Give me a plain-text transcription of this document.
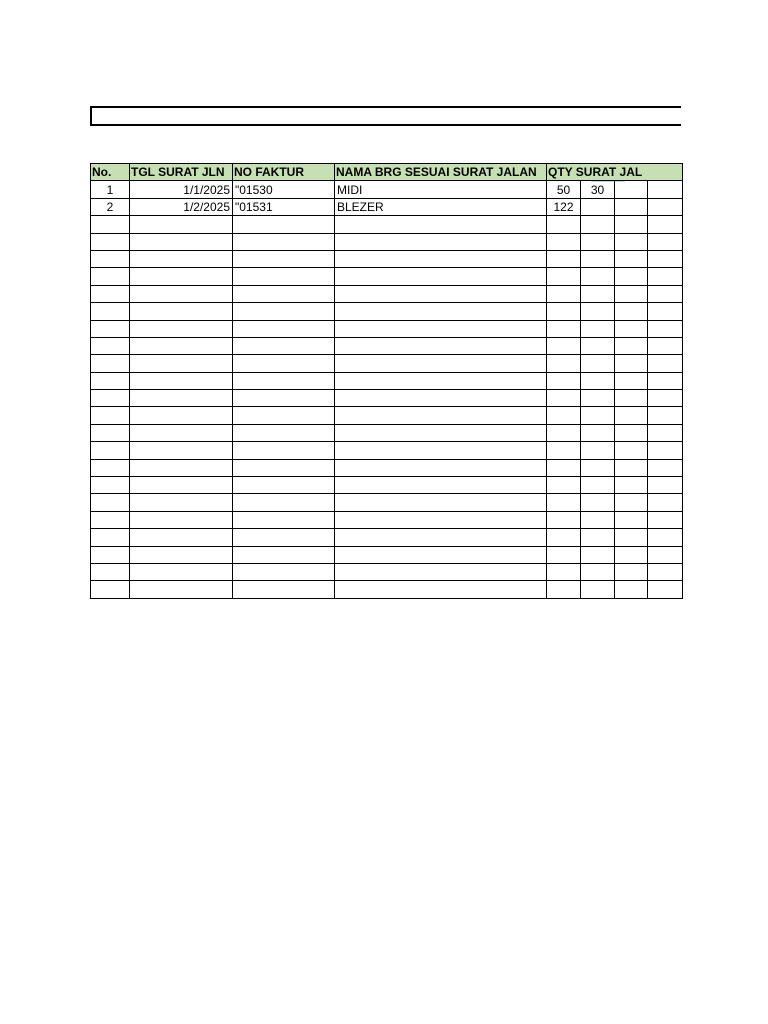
No.	TGL SURAT JLN	NO FAKTUR	NAMA BRG SESUAI SURAT JALAN	QTY SURAT JAL			
1	1/1/2025	"01530	MIDI	50	30		
2	1/2/2025	"01531	BLEZER	122			
